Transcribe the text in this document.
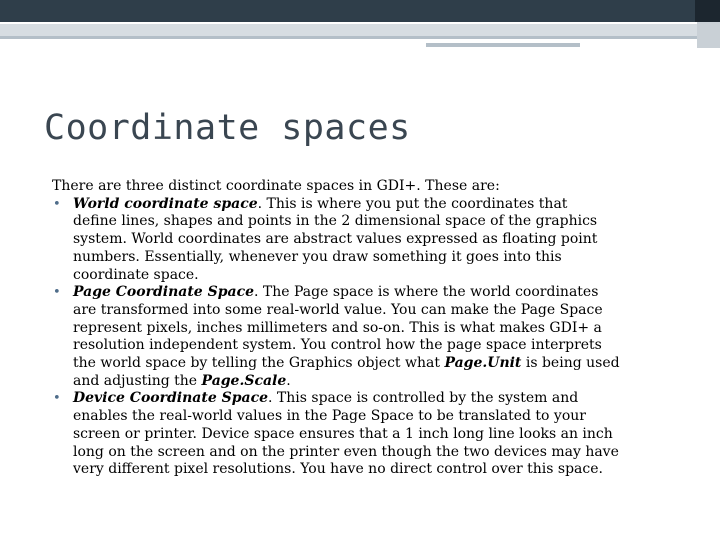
Coordinate spaces

There are three distinct coordinate spaces in GDI+. These are:

• World coordinate space. This is where you put the coordinates that
define lines, shapes and points in the 2 dimensional space of the graphics
system. World coordinates are abstract values expressed as floating point
numbers. Essentially, whenever you draw something it goes into this
coordinate space.
• Page Coordinate Space. The Page space is where the world coordinates
are transformed into some real-world value. You can make the Page Space
represent pixels, inches millimeters and so-on. This is what makes GDI+ a
resolution independent system. You control how the page space interprets
the world space by telling the Graphics object what Page.Unit is being used
and adjusting the Page.Scale.
• Device Coordinate Space. This space is controlled by the system and
enables the real-world values in the Page Space to be translated to your
screen or printer. Device space ensures that a 1 inch long line looks an inch
long on the screen and on the printer even though the two devices may have
very different pixel resolutions. You have no direct control over this space.
